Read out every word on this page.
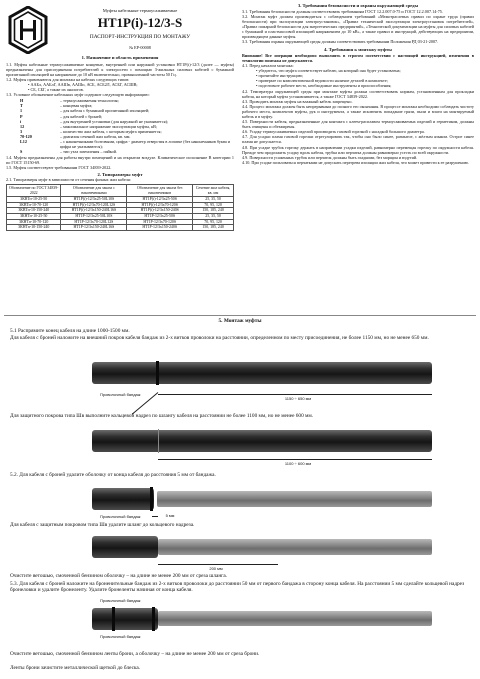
Муфты кабельные термоусаживаемые
НТ1Р(i)-12/3-S
ПАСПОРТ-ИНСТРУКЦИЯ ПО МОНТАЖУ
№ ЕР-00008
1. Назначение и область применения

1.1. Муфты кабельные термоусаживаемые концевые, внутренней или наружной установки НТ1Р(i)-12/3 (далее — муфты) предназначены для присоединения потребителей к электросети с помощью 3-жильных силовых кабелей с бумажной пропитанной изоляцией на напряжение до 10 кВ включительно, промышленной частоты 50 Гц.

1.2. Муфты применяются для монтажа на кабелях следующих типов:

• ААБл, ААБлГ, ААШв, ААШп, АСБ, АСБ2Л, АСБГ, АСШВ;

• СБ, СБГ, а также их аналогов.

1.3. Условное обозначение кабельных муфт содержит следующую информацию:

Н	– термоусаживаемая технология;
Т	– концевая муфта;
1	– для кабеля с бумажной пропитанной изоляцией;
Р	– для кабелей с броней;
i	– для внутренней установки (для наружной не указывается);
12	– максимальное напряжение эксплуатации муфты, кВ;
3	– количество жил кабеля, с которым муфта применяется;
70-120	– диапазон сечений жил кабеля, кв. мм.
L12	– с наконечниками болтовыми, цифра - диаметр отверстия в лопатке (без наконечников буква и цифра не указываются);
S	– тип узла заземления – пайкой.

1.4. Муфты предназначены для работы внутри помещений и на открытом воздухе. Климатическое исполнение В категории 1 по ГОСТ 15150-69.

1.5. Муфты соответствуют требованиям ГОСТ 34839-2022.

2. Типоразмеры муфт

2.1. Типоразмеры муфт в зависимости от сечения фазных жил кабеля:

Обозначение по ГОСТ 34839-2022	Обозначение для заказа с наконечниками	Обозначение для заказа без наконечников	Сечение жил кабеля, кв. мм
3КВТп-10-25-50	НТ1Р(i)-12/3х25-50L10S	НТ1Р(i)-12/3х25-50S	25, 35, 50
3КВТп-10-70-120	НТ1Р(i)-12/3х70-120L12S	НТ1Р(i)-12/3х70-120S	70, 95, 120
3КВТп-10-150-240	НТ1Р(i)-12/3х150-240L16S	НТ1Р(i)-12/3х150-240S	150, 185, 240
3КНТп-10-25-50	НТ1Р-12/3х25-50L10S	НТ1Р-12/3х25-50S	25, 35, 50
3КНТп-10-70-120	НТ1Р-12/3х70-120L12S	НТ1Р-12/3х70-120S	70, 95, 120
3КНТп-10-150-240	НТ1Р-12/3х150-240L16S	НТ1Р-12/3х150-240S	150, 185, 240
3. Требования безопасности и охраны окружающей среды

3.1. Требования безопасности должны соответствовать требованиям ГОСТ 12.2.007.0-75 и ГОСТ 12.2.007.14-75.

3.2. Монтаж муфт должен производиться с соблюдением требований «Межотраслевых правил по охране труда (правил безопасности) при эксплуатации электроустановок», «Правил технической эксплуатации электроустановок потребителей», «Правил пожарной безопасности для энергетических предприятий», «Технической документации на муфты для силовых кабелей с бумажной и пластмассовой изоляцией напряжением до 10 кВ», а также правил и инструкций, действующих на предприятии, производящем данные муфты.

3.3. Требования охраны окружающей среды должны соответствовать требованиям Положения РД 03-21-2007.

4. Требования к монтажу муфты

Внимание! Все операции необходимо выполнять в строгом соответствии с настоящей инструкцией, изменения в технологии монтажа не допускаются.

4.1. Перед началом монтажа:

• убедитесь, что муфта соответствует кабелю, на который она будет установлена;

• прочитайте инструкцию;

• проверьте по комплектовочной ведомости наличие деталей в комплекте;

• подготовьте рабочее место, необходимые инструменты и приспособления;

4.2. Температура окружающей среды при монтаже муфты должна соответствовать нормам, установленным для прокладки кабеля, на который муфта устанавливается, а также ГОСТ 34839-2022.

4.3. Проводить монтаж муфты на влажный кабель запрещено.

4.4. Процесс монтажа должен быть непрерывным до полного его окончания. В процессе монтажа необходимо соблюдать чистоту рабочего места, комплектов муфты, рук и инструмента, а также исключить попадание грязи, пыли и влаги на монтируемый кабель и в муфту.

4.5. Поверхности кабеля, предназначенные для контакта с клеем-расплавом термоусаживаемых изделий и герметиком, должны быть очищены и обезжирены.

4.6. Усадку термоусаживаемых изделий производить газовой горелкой с насадкой большого диаметра.

4.7. Для усадки пламя газовой горелки отрегулировать так, чтобы оно было синее, размытое, с жёлтым языком. Острое синее пламя не допускается.

4.8. При усадке трубок горелку держать в направлении усадки изделий, равномерно перемещая горелку по окружности кабеля. Прежде чем продолжить усадку вдоль кабеля, трубка или перчатка должны равномерно усесть по всей окружности.

4.9. Поверхности усаженных трубок или перчаток должны быть гладкими, без морщин и вздутий.

4.10. При усадке пользоваться перчатками не допускать перегрева изоляции жил кабеля, что может привести к ее разрушению.

5. Монтаж муфты
5.1 Распрямите конец кабеля на длине 1000-1500 мм.
Для кабеля с броней наложите на внешний покров кабеля бандаж из 2-х витков проволоки на расстоянии, определенном по месту присоединения, не более 1150 мм, но не менее 650 мм.
Проволочный бандаж
1150 ÷ 650 мм
Для защитного покрова типа Шв выполните кольцевой надрез по шлангу кабеля на расстоянии не более 1100 мм, но не менее 600 мм.
1100 ÷ 600 мм
5.2. Для кабеля с броней удалите оболочку от конца кабеля до расстояния 5 мм от бандажа.
Проволочный бандаж	5 мм
Для кабеля с защитным покровом типа Шв удалите шланг до кольцевого надреза.
200 мм
Очистите ветошью, смоченной бензином оболочку – на длине не менее 200 мм от среза шланга.
5.3. Для кабеля с броней наложите на броненительные бандаж из 2-х витков проволоки до расстоянии 50 мм от первого бандажа в сторону конца кабеля. На расстоянии 5 мм сделайте кольцевой надрез бронеловки и удалите бронеленту. Удалите бронеленты начиная от конца кабеля.
Проволочный бандаж
Проволочный бандаж
Очистите ветошью, смоченной бензином ленты брони, а оболочку – на длине не менее 200 мм от среза брони.
Ленты брони зачистите металлической щеткой до блеска.
